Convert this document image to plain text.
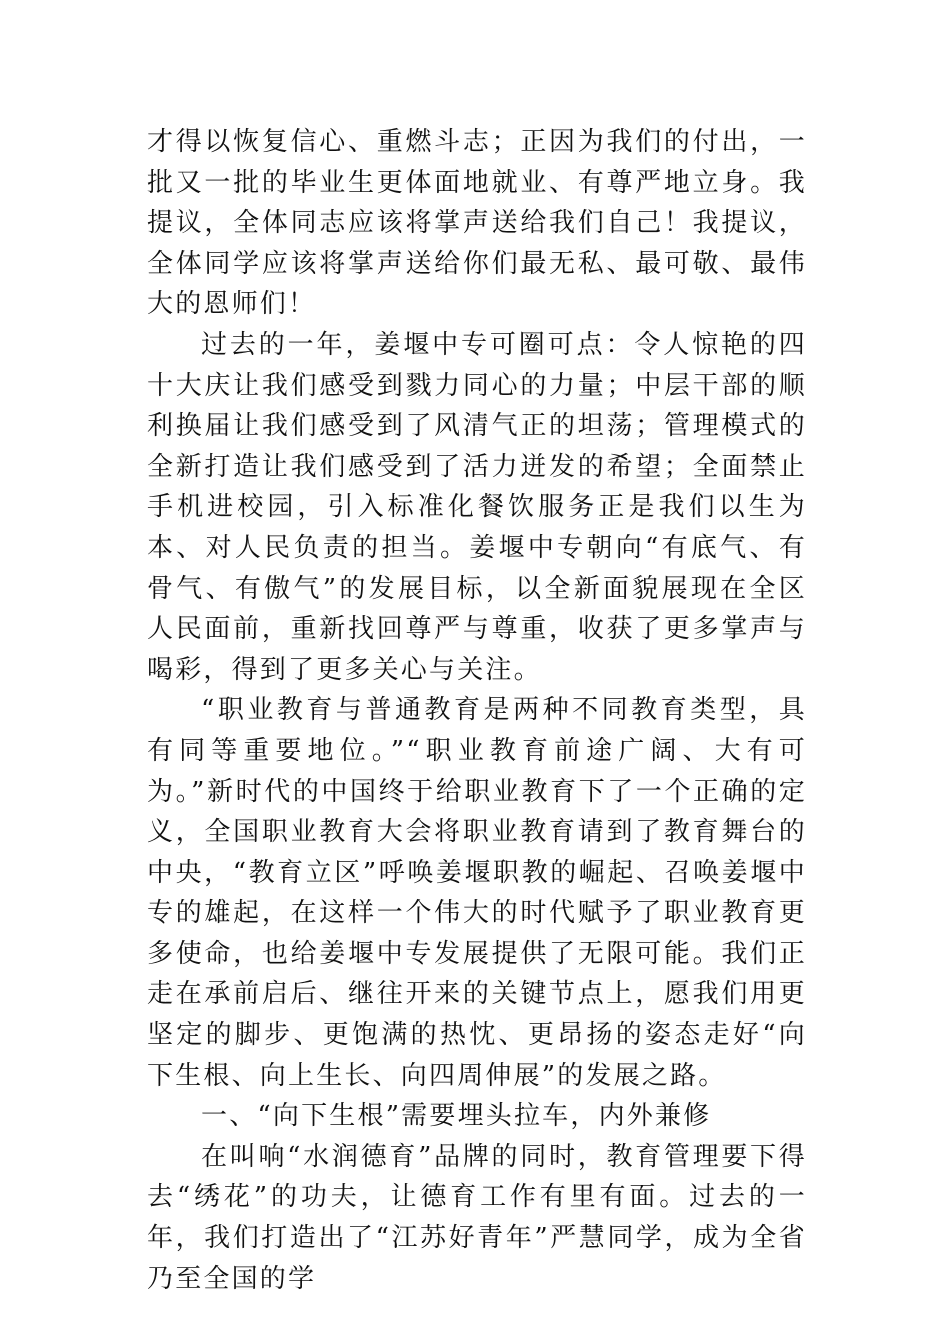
才得以恢复信心、重燃斗志；正因为我们的付出，一批又一批的毕业生更体面地就业、有尊严地立身。我提议，全体同志应该将掌声送给我们自己！我提议，全体同学应该将掌声送给你们最无私、最可敬、最伟大的恩师们！

过去的一年，姜堰中专可圈可点：令人惊艳的四十大庆让我们感受到戮力同心的力量；中层干部的顺利换届让我们感受到了风清气正的坦荡；管理模式的全新打造让我们感受到了活力迸发的希望；全面禁止手机进校园，引入标准化餐饮服务正是我们以生为本、对人民负责的担当。姜堰中专朝向“有底气、有骨气、有傲气”的发展目标，以全新面貌展现在全区人民面前，重新找回尊严与尊重，收获了更多掌声与喝彩，得到了更多关心与关注。

“职业教育与普通教育是两种不同教育类型，具有同等重要地位。”“职业教育前途广阔、大有可为。”新时代的中国终于给职业教育下了一个正确的定义，全国职业教育大会将职业教育请到了教育舞台的中央，“教育立区”呼唤姜堰职教的崛起、召唤姜堰中专的雄起，在这样一个伟大的时代赋予了职业教育更多使命，也给姜堰中专发展提供了无限可能。我们正走在承前启后、继往开来的关键节点上，愿我们用更坚定的脚步、更饱满的热忱、更昂扬的姿态走好“向下生根、向上生长、向四周伸展”的发展之路。

一、“向下生根”需要埋头拉车，内外兼修

在叫响“水润德育”品牌的同时，教育管理要下得去“绣花”的功夫，让德育工作有里有面。过去的一年，我们打造出了“江苏好青年”严慧同学，成为全省乃至全国的学
